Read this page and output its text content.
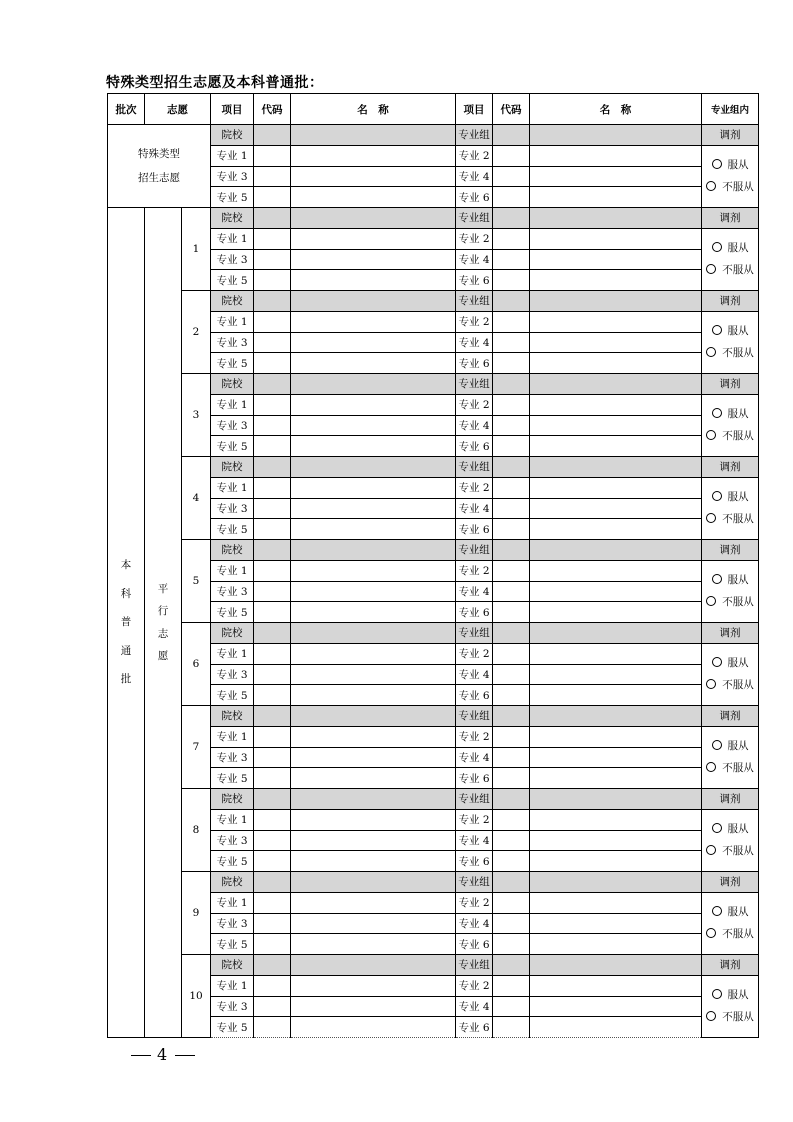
特殊类型招生志愿及本科普通批：
批次	志愿		项目	代码	名　称	项目	代码	名　称	专业组内

特殊类型
招生志愿			院校			专业组			调剂
			专业 1			专业 2			服从
不服从

			专业 3			专业 4			
			专业 5			专业 6			

本
科
普
通
批	平
行
志
愿	1	院校			专业组			调剂
			专业 1			专业 2			服从
不服从

			专业 3			专业 4			
			专业 5			专业 6			
		2	院校			专业组			调剂
			专业 1			专业 2			服从
不服从

			专业 3			专业 4			
			专业 5			专业 6			
		3	院校			专业组			调剂
			专业 1			专业 2			服从
不服从

			专业 3			专业 4			
			专业 5			专业 6			
		4	院校			专业组			调剂
			专业 1			专业 2			服从
不服从

			专业 3			专业 4			
			专业 5			专业 6			
		5	院校			专业组			调剂
			专业 1			专业 2			服从
不服从

			专业 3			专业 4			
			专业 5			专业 6			
		6	院校			专业组			调剂
			专业 1			专业 2			服从
不服从

			专业 3			专业 4			
			专业 5			专业 6			
		7	院校			专业组			调剂
			专业 1			专业 2			服从
不服从

			专业 3			专业 4			
			专业 5			专业 6			
		8	院校			专业组			调剂
			专业 1			专业 2			服从
不服从

			专业 3			专业 4			
			专业 5			专业 6			
		9	院校			专业组			调剂
			专业 1			专业 2			服从
不服从

			专业 3			专业 4			
			专业 5			专业 6			
		10	院校			专业组			调剂
			专业 1			专业 2			服从
不服从

			专业 3			专业 4			
			专业 5			专业 6			
4
